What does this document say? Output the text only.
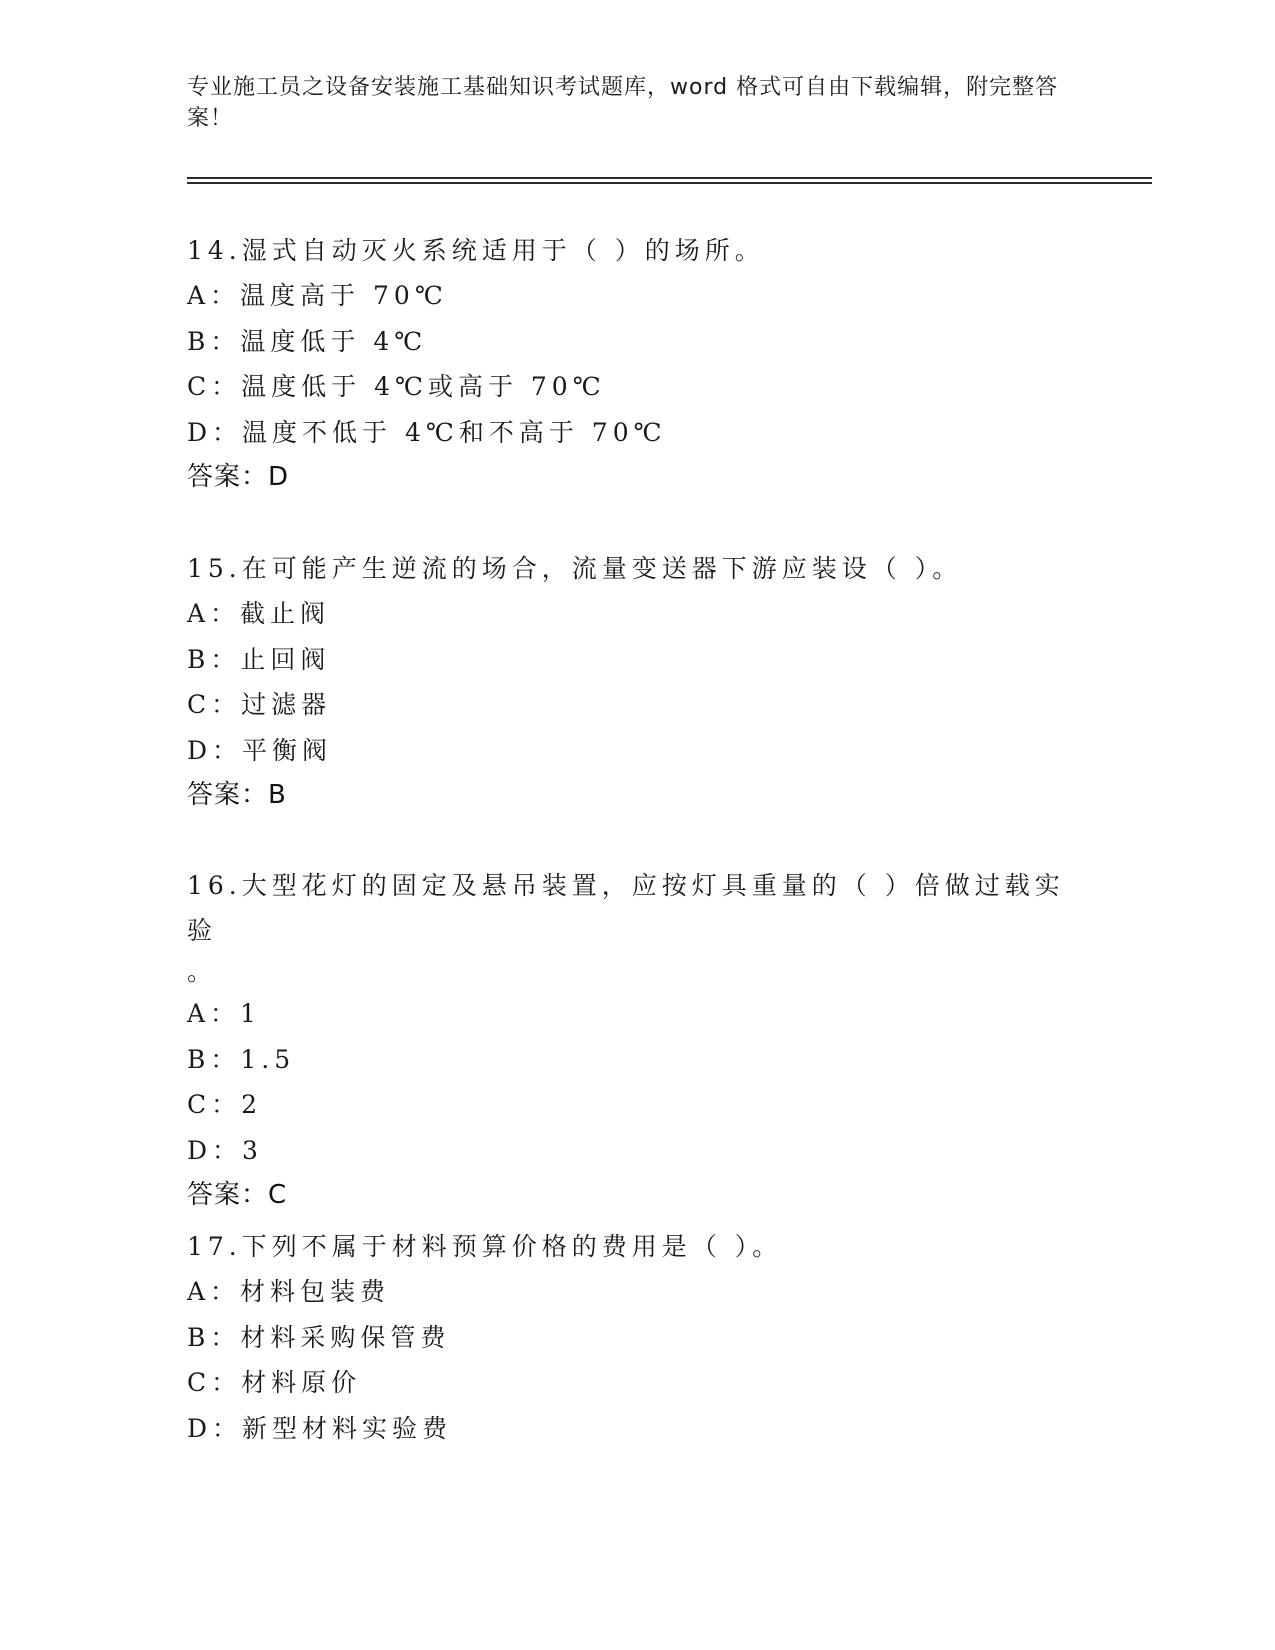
专业施工员之设备安装施工基础知识考试题库，word 格式可自由下载编辑，附完整答案！

14.湿式自动灭火系统适用于（ ）的场所。

A：温度高于 70℃

B：温度低于 4℃

C：温度低于 4℃或高于 70℃

D：温度不低于 4℃和不高于 70℃

答案：D

15.在可能产生逆流的场合，流量变送器下游应装设（ ）。

A：截止阀

B：止回阀

C：过滤器

D：平衡阀

答案：B

16.大型花灯的固定及悬吊装置，应按灯具重量的（ ）倍做过载实验

。

A：1

B：1.5

C：2

D：3

答案：C

17.下列不属于材料预算价格的费用是（ ）。

A：材料包装费

B：材料采购保管费

C：材料原价

D：新型材料实验费
